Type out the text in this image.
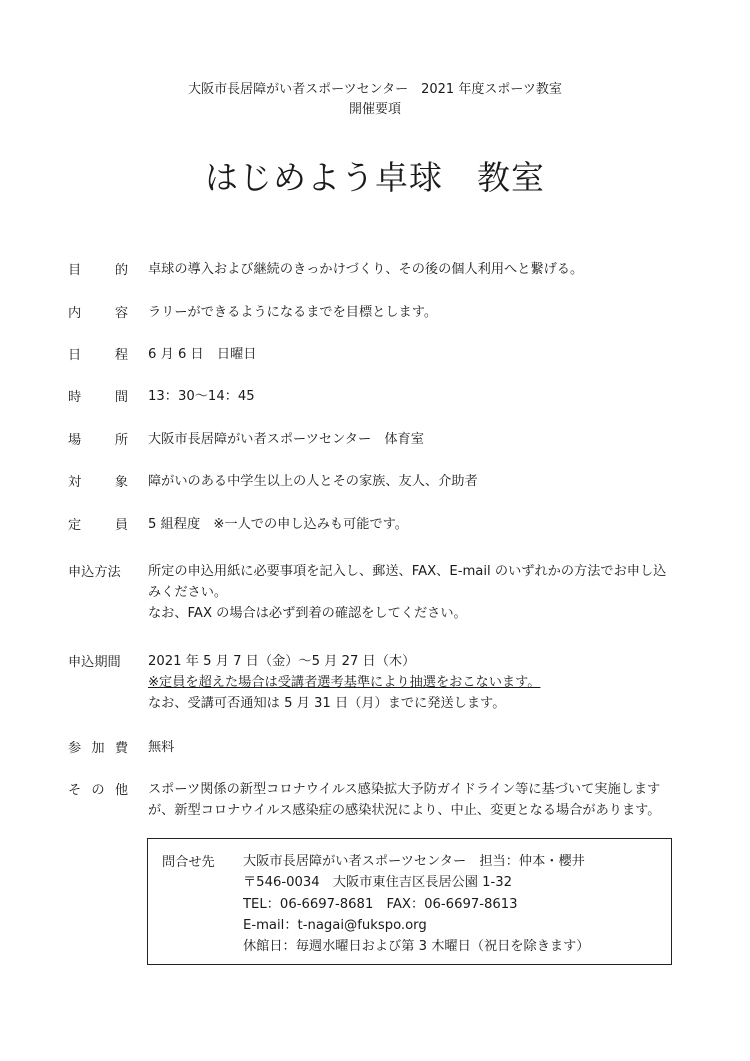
大阪市長居障がい者スポーツセンター　2021 年度スポーツ教室
開催要項
はじめよう卓球　教室
目	的 卓球の導入および継続のきっかけづくり、その後の個人利用へと繋げる。
内	容 ラリーができるようになるまでを目標とします。
日	程 6 月 6 日　日曜日
時	間 13：30～14：45
場	所 大阪市長居障がい者スポーツセンター　体育室
対	象 障がいのある中学生以上の人とその家族、友人、介助者
定	員 5 組程度　※一人での申し込みも可能です。
申込方法	所定の申込用紙に必要事項を記入し、郵送、FAX、E-mail のいずれかの方法でお申し込
みください。
なお、FAX の場合は必ず到着の確認をしてください。
申込期間	2021 年 5 月 7 日（金）～5 月 27 日（木）
※定員を超えた場合は受講者選考基準により抽選をおこないます。
なお、受講可否通知は 5 月 31 日（月）までに発送します。
参 加 費 無料
そ の 他 スポーツ関係の新型コロナウイルス感染拡大予防ガイドライン等に基づいて実施します
が、新型コロナウイルス感染症の感染状況により、中止、変更となる場合があります。
問合せ先 大阪市長居障がい者スポーツセンター　担当：仲本・櫻井
〒546-0034　大阪市東住吉区長居公園 1-32
TEL：06-6697-8681　FAX：06-6697-8613
E-mail：t-nagai@fukspo.org
休館日：毎週水曜日および第 3 木曜日（祝日を除きます）
